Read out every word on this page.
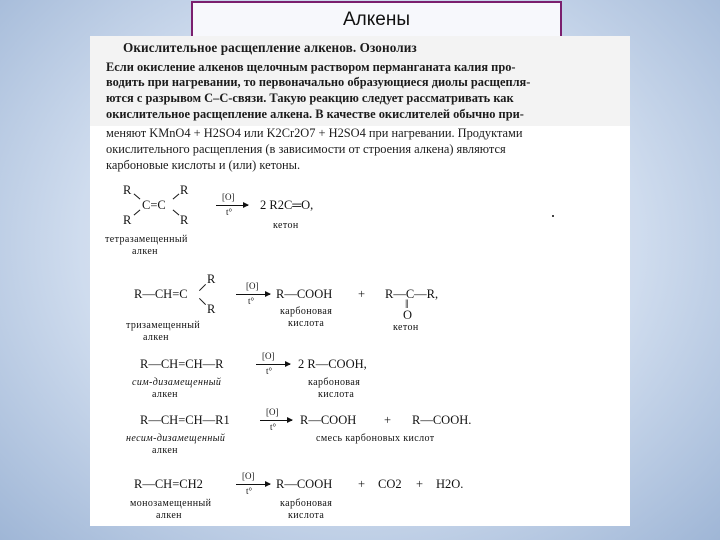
Алкены
Окислительное расщепление алкенов. Озонолиз
Если окисление алкенов щелочным раствором перманганата калия про-
водить при нагревании, то первоначально образующиеся диолы расщепля-
ются с разрывом С–С-связи. Такую реакцию следует рассматривать как
окислительное расщепление алкена. В качестве окислителей обычно при-
меняют KMnO4 + H2SO4 или K2Cr2O7 + H2SO4 при нагревании. Продуктами
окислительного расщепления (в зависимости от строения алкена) являются
карбоновые кислоты и (или) кетоны.
R	R
C=C
R	R
[O]
t° 2 R2C═O,
кетон
тетразамещенный
алкен
R
R—CH=C
R
[O]
t° R—COOH + R—C—R,
‖
O
карбоновая
кислота	кетон
тризамещенный
алкен
R—CH=CH—R
[O]
t° 2 R—COOH,
сим-дизамещенный
алкен
карбоновая
кислота
R—CH=CH—R1
[O]
t° R—COOH + R—COOH.
несим-дизамещенный
алкен
смесь карбоновых кислот
R—CH=CH2
[O]
t° R—COOH + CO2 + H2O.
монозамещенный
алкен
карбоновая
кислота
